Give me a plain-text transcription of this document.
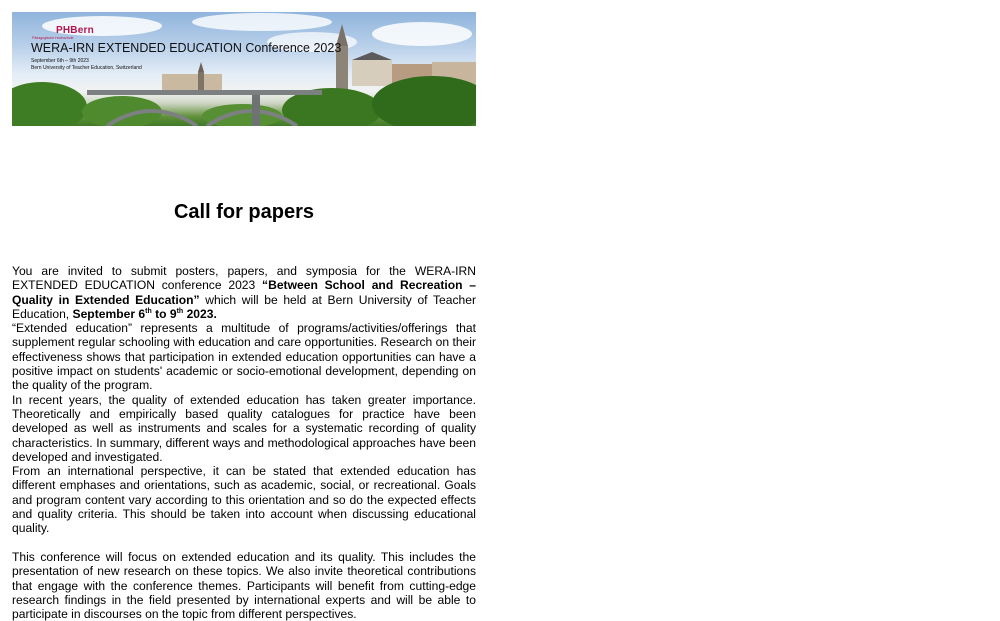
PHBern
Pädagogische Hochschule
WERA-IRN EXTENDED EDUCATION Conference 2023
September 6th – 9th 2023
Bern University of Teacher Education, Switzerland
Call for papers

You are invited to submit posters, papers, and symposia for the WERA-IRN EXTENDED EDUCATION conference 2023 “Between School and Recreation – Quality in Extended Education” which will be held at Bern University of Teacher Education, September 6th to 9th 2023.

“Extended education” represents a multitude of programs/activities/offerings that supplement regular schooling with education and care opportunities. Research on their effectiveness shows that participation in extended education opportunities can have a positive impact on students' academic or socio-emotional development, depending on the quality of the program.

In recent years, the quality of extended education has taken greater importance. Theoretically and empirically based quality catalogues for practice have been developed as well as instruments and scales for a systematic recording of quality characteristics. In summary, different ways and methodological approaches have been developed and investigated.

From an international perspective, it can be stated that extended education has different emphases and orientations, such as academic, social, or recreational. Goals and program content vary according to this orientation and so do the expected effects and quality criteria. This should be taken into account when discussing educational quality.

This conference will focus on extended education and its quality. This includes the presentation of new research on these topics. We also invite theoretical contributions that engage with the conference themes. Participants will benefit from cutting-edge research findings in the field presented by international experts and will be able to participate in discourses on the topic from different perspectives.
